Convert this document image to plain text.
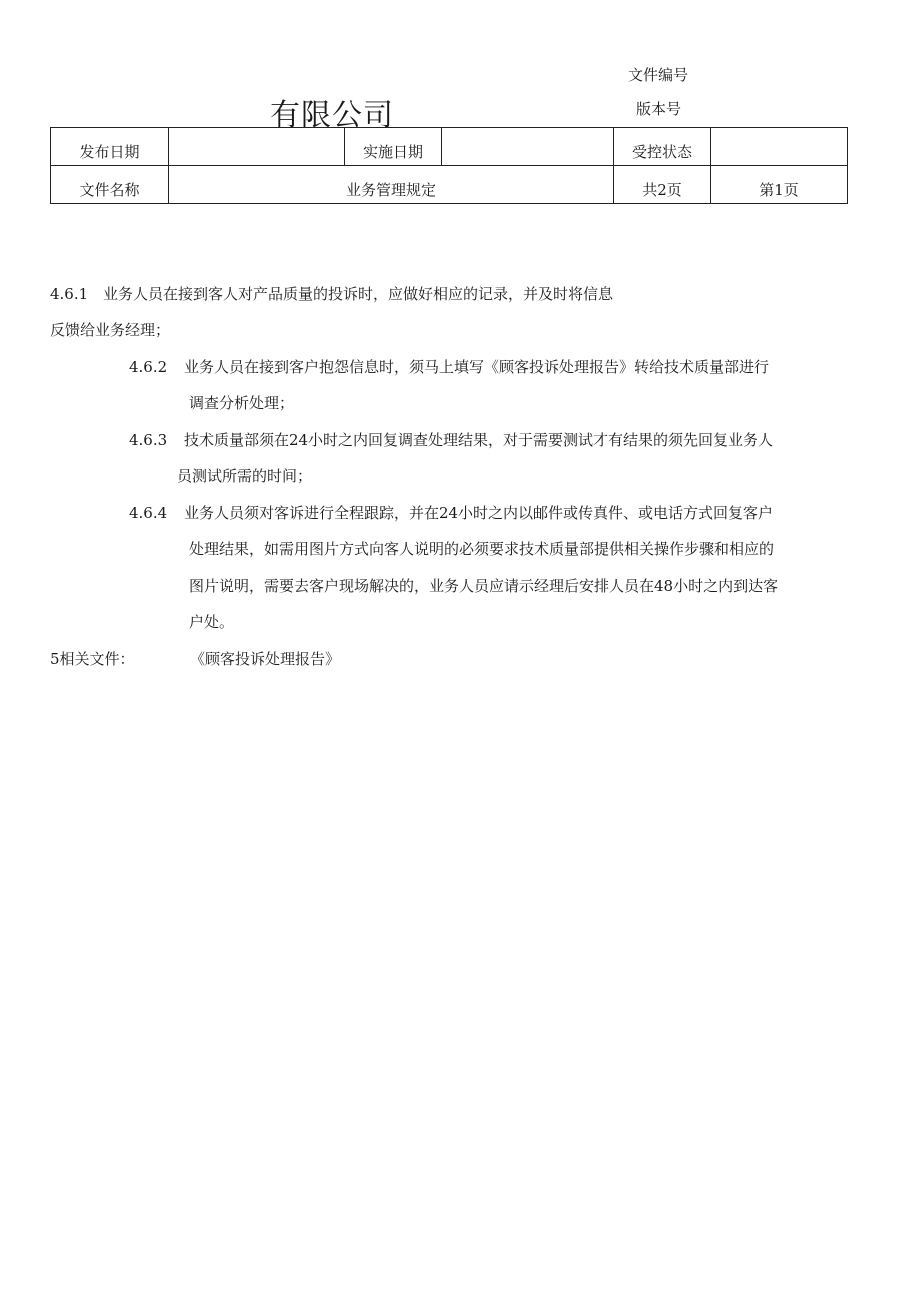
文件编号
有限公司	版本号
发布日期		实施日期		受控状态	
文件名称	业务管理规定			共2页	第1页
4.6.1 业务人员在接到客人对产品质量的投诉时，应做好相应的记录，并及时将信息
反馈给业务经理；
4.6.2 业务人员在接到客户抱怨信息时，须马上填写《顾客投诉处理报告》转给技术质量部进行
调查分析处理；
4.6.3 技术质量部须在24小时之内回复调查处理结果，对于需要测试才有结果的须先回复业务人
员测试所需的时间；
4.6.4 业务人员须对客诉进行全程跟踪，并在24小时之内以邮件或传真件、或电话方式回复客户
处理结果，如需用图片方式向客人说明的必须要求技术质量部提供相关操作步骤和相应的
图片说明，需要去客户现场解决的，业务人员应请示经理后安排人员在48小时之内到达客
户处。
5相关文件：	《顾客投诉处理报告》
